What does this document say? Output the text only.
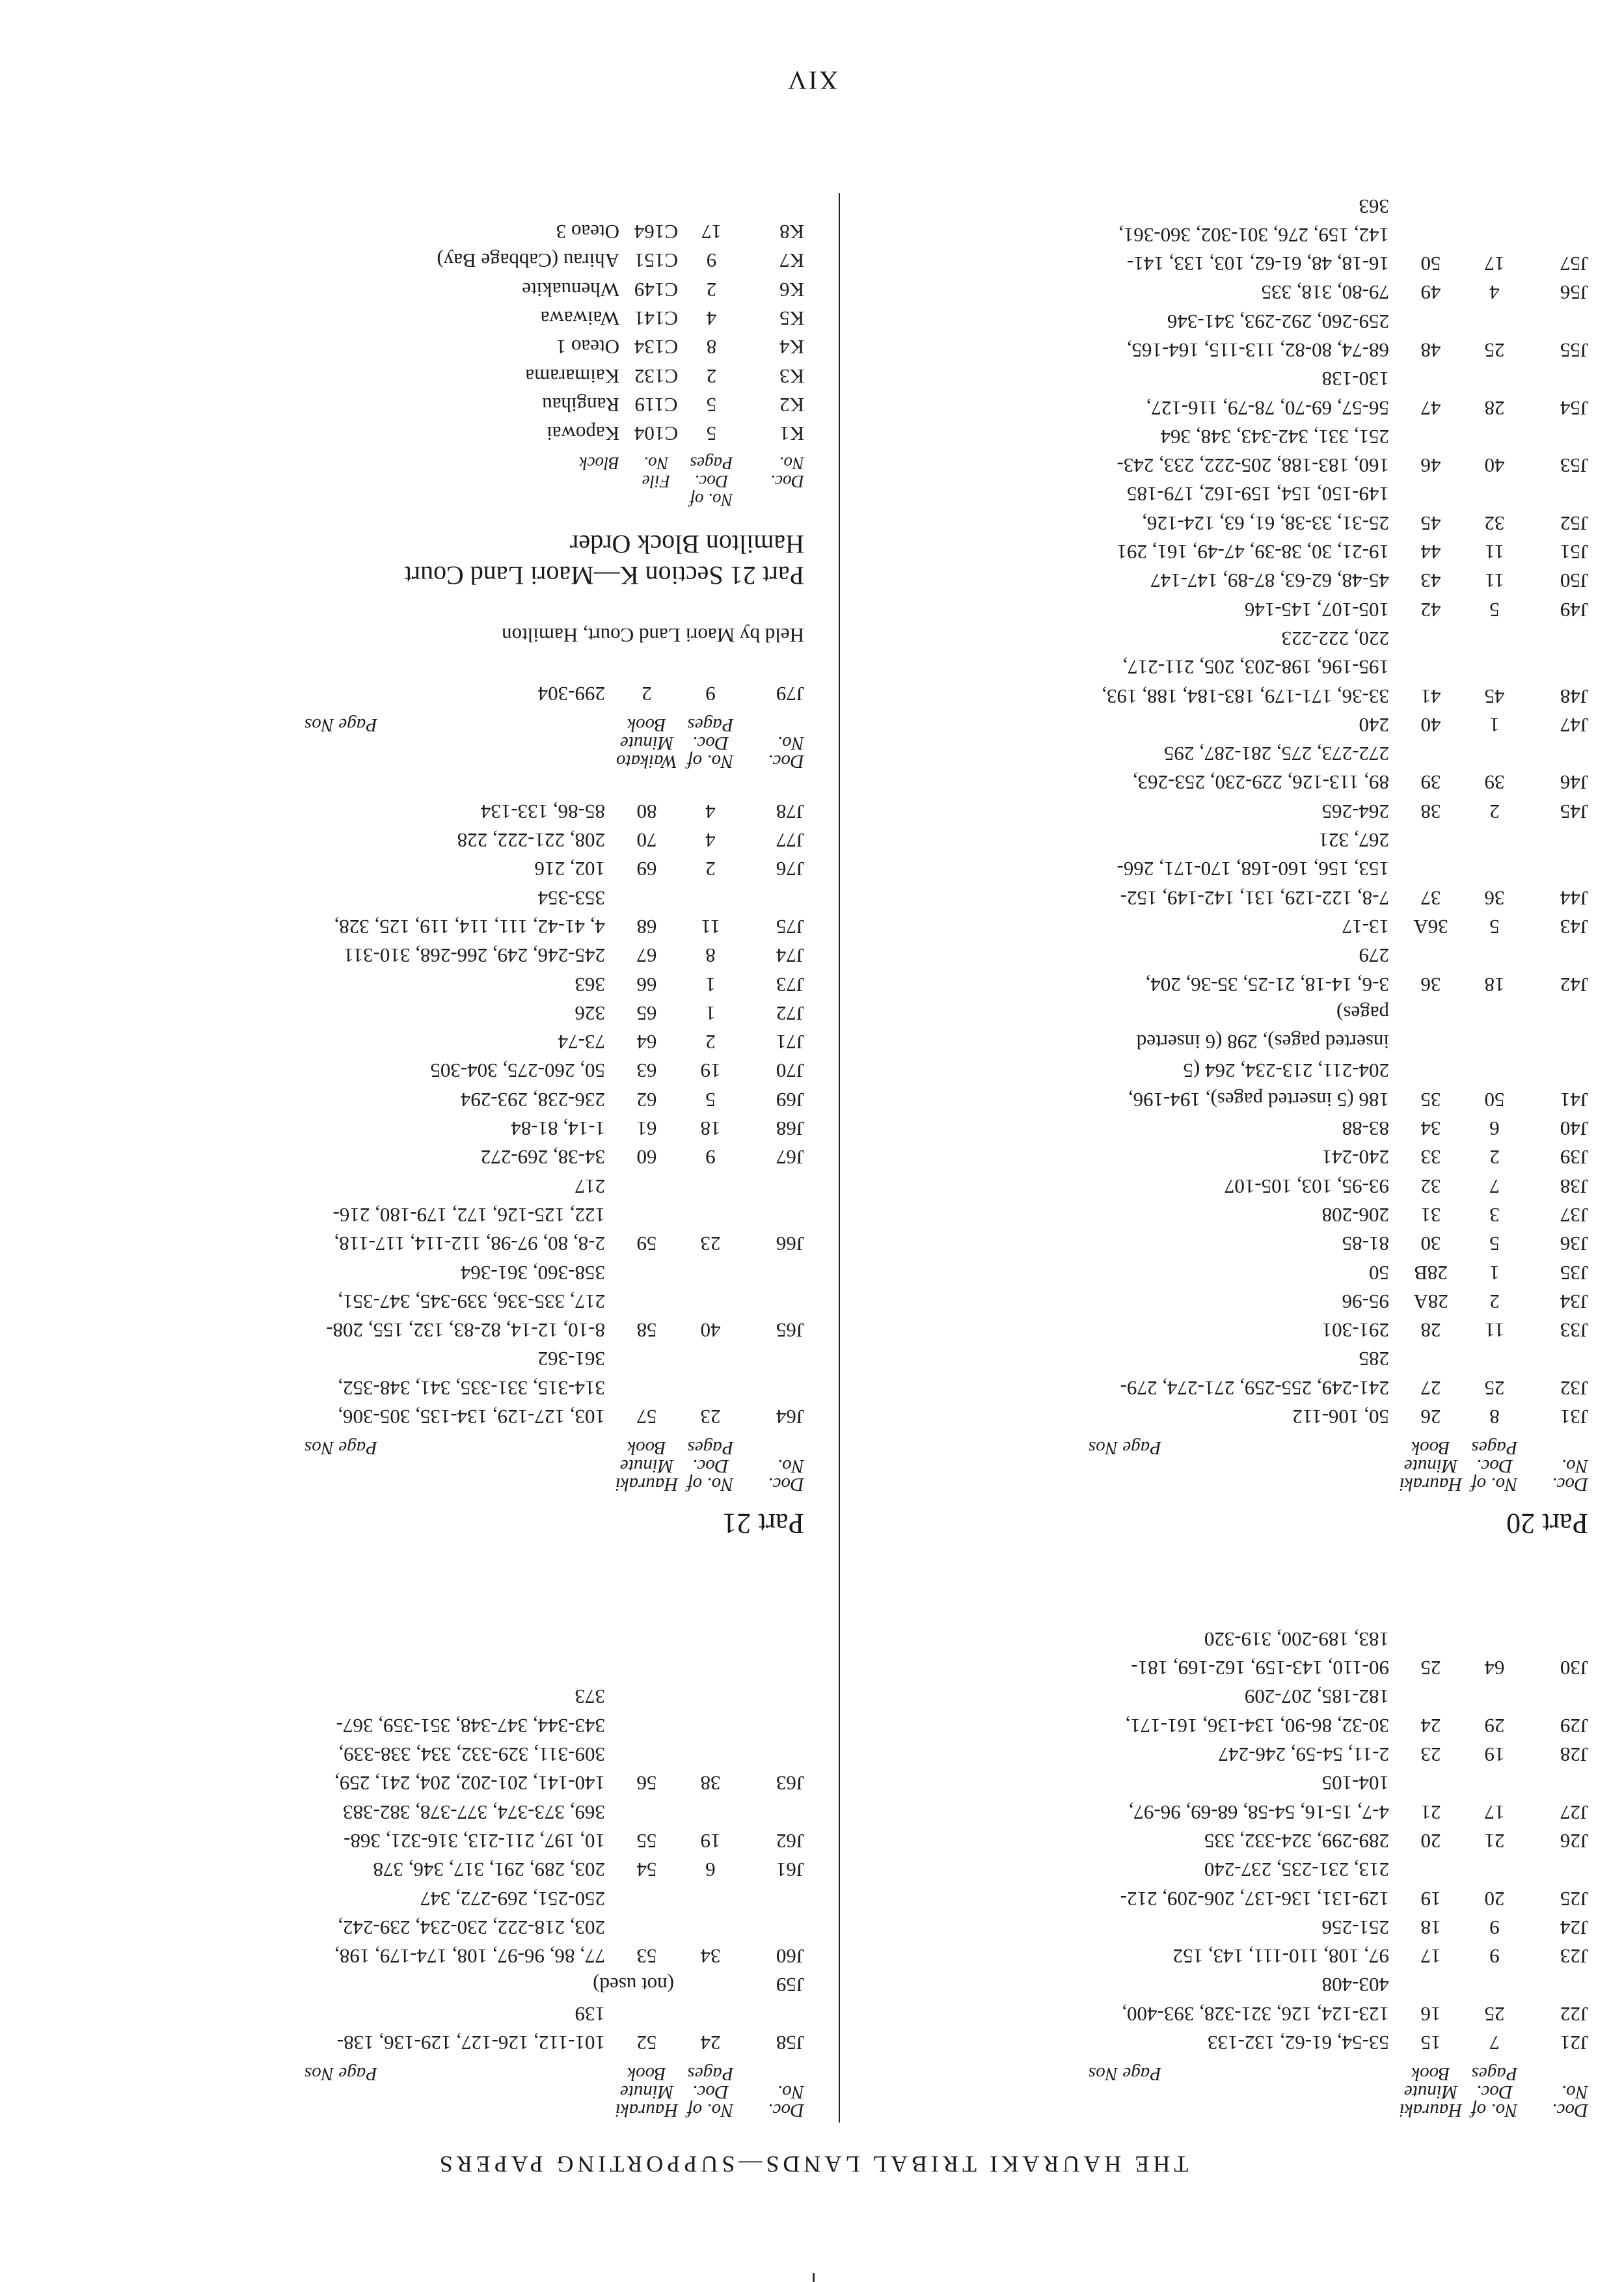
THE HAURAKI TRIBAL LANDS—SUPPORTING PAPERS
Doc.
No.

No. of
Doc.
Pages
Hauraki
Minute
Book

Page Nos
J21
7
15
53-54, 61-62, 132-133
J22
25
16
123-124, 126, 321-328, 393-400,
403-408
J23
9
17
97, 108, 110-111, 143, 152
J24
9
18
251-256
J25
20
19
129-131, 136-137, 206-209, 212-
213, 231-235, 237-240
J26
21
20
289-299, 324-332, 335
J27
17
21
4-7, 15-16, 54-58, 68-69, 96-97,
104-105
J28
19
23
2-11, 54-59, 246-247
J29
29
24
30-32, 86-90, 134-136, 161-171,
182-185, 207-209
J30
64
25
90-110, 143-159, 162-169, 181-
183, 189-200, 319-320
Part 20
Doc.
No.

No. of
Doc.
Pages
Hauraki
Minute
Book

Page Nos
J31
8
26
50, 106-112
J32
25
27
241-249, 255-259, 271-274, 279-
285
J33
11
28
291-301
J34
2
28A
95-96
J35
1
28B
50
J36
5
30
81-85
J37
3
31
206-208
J38
7
32
93-95, 103, 105-107
J39
2
33
240-241
J40
6
34
83-88
J41
50
35
186 (5 inserted pages), 194-196,
204-211, 213-234, 264 (5
inserted pages), 298 (6 inserted
pages)
J42
18
36
3-6, 14-18, 21-25, 35-36, 204,
279
J43
5
36A
13-17
J44
36
37
7-8, 122-129, 131, 142-149, 152-
153, 156, 160-168, 170-171, 266-
267, 321
J45
2
38
264-265
J46
39
39
89, 113-126, 229-230, 253-263,
272-273, 275, 281-287, 295
J47
1
40
240
J48
45
41
33-36, 171-179, 183-184, 188, 193,
195-196, 198-203, 205, 211-217,
220, 222-223
J49
5
42
105-107, 145-146
J50
11
43
45-48, 62-63, 87-89, 147-147
J51
11
44
19-21, 30, 38-39, 47-49, 161, 291
J52
32
45
25-31, 33-38, 61, 63, 124-126,
149-150, 154, 159-162, 179-185
J53
40
46
160, 183-188, 205-222, 233, 243-
251, 331, 342-343, 348, 364
J54
28
47
56-57, 69-70, 78-79, 116-127,
130-138
J55
25
48
68-74, 80-82, 113-115, 164-165,
259-260, 292-293, 341-346
J56
4
49
79-80, 318, 335
J57
17
50
16-18, 48, 61-62, 103, 133, 141-
142, 159, 276, 301-302, 360-361,
363
Doc.
No.

No. of
Doc.
Pages
Hauraki
Minute
Book

Page Nos
J58
24
52
101-112, 126-127, 129-136, 138-
139
J59
(not used)

J60
34
53
77, 86, 96-97, 108, 174-179, 198,
203, 218-222, 230-234, 239-242,
250-251, 269-272, 347
J61
6
54
203, 289, 291, 317, 346, 378
J62
19
55
10, 197, 211-213, 316-321, 368-
369, 373-374, 377-378, 382-383
J63
38
56
140-141, 201-202, 204, 241, 259,
309-311, 329-332, 334, 338-339,
343-344, 347-348, 351-359, 367-
373
Part 21
Doc.
No.

No. of
Doc.
Pages
Hauraki
Minute
Book

Page Nos
J64
23
57
103, 127-129, 134-135, 305-306,
314-315, 331-335, 341, 348-352,
361-362
J65
40
58
8-10, 12-14, 82-83, 132, 155, 208-
217, 335-336, 339-345, 347-351,
358-360, 361-364
J66
23
59
2-8, 80, 97-98, 112-114, 117-118,
122, 125-126, 172, 179-180, 216-
217
J67
9
60
34-38, 269-272
J68
18
61
1-14, 81-84
J69
5
62
236-238, 293-294
J70
19
63
50, 260-275, 304-305
J71
2
64
73-74
J72
1
65
326
J73
1
66
363
J74
8
67
245-246, 249, 266-268, 310-311
J75
11
68
4, 41-42, 111, 114, 119, 125, 328,
353-354
J76
2
69
102, 216
J77
4
70
208, 221-222, 228
J78
4
80
85-86, 133-134
Doc.
No.

No. of
Doc.
Pages
Waikato
Minute
Book

Page Nos
J79
9
2
299-304
Held by Maori Land Court, Hamilton
Part 21 Section K—Maori Land Court
Hamilton Block Order

Doc.
No.
No. of
Doc.
Pages

File
No.

Block
K1
5
C104
Kapowai
K2
5
C119
Rangihau
K3
2
C132
Kaimarama
K4
8
C134
Oteao 1
K5
4
C141
Waiwawa
K6
2
C149
Whenuakite
K7
9
C151
Ahirau (Cabbage Bay)
K8
17
C164
Oteao 3
XIV
